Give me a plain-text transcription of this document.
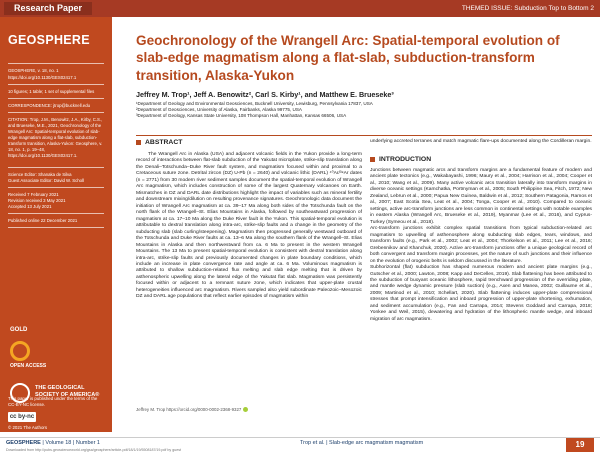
Research Paper	THEMED ISSUE: Subduction Top to Bottom 2
GEOSPHERE
GEOSPHERE, v. 18, no. 1
https://doi.org/10.1130/GES02417.1
10 figures; 1 table; 1 set of supplemental files
CORRESPONDENCE: jtrop@bucknell.edu
CITATION: Trop, J.M., Benowitz, J.A., Kirby, C.S., and Brueseke, M.E., 2021, Geochronology of the Wrangell Arc: Spatial-temporal evolution of slab-edge magmatism along a flat-slab, subduction-transform transition, Alaska-Yukon: Geosphere, v. 18, no. 1, p. 19–48, https://doi.org/10.1130/GES02417.1.
Science Editor: Shanaka de Silva
Guest Associate Editor: David W. Scholl
Received 7 February 2021
Revision received 3 May 2021
Accepted 13 July 2021
Published online 22 December 2021
GOLD
OPEN ACCESS
THE GEOLOGICAL SOCIETY OF AMERICA®
This paper is published under the terms of the CC-BY-NC license.
cc by-nc
© 2021 The Authors
Geochronology of the Wrangell Arc: Spatial-temporal evolution of slab-edge magmatism along a flat-slab, subduction-transform transition, Alaska-Yukon
Jeffrey M. Trop¹, Jeff A. Benowitz², Carl S. Kirby¹, and Matthew E. Brueseke³
¹Department of Geology and Environmental Geosciences, Bucknell University, Lewisburg, Pennsylvania 17837, USA
²Department of Geosciences, University of Alaska, Fairbanks, Alaska 99775, USA
³Department of Geology, Kansas State University, 108 Thompson Hall, Manhattan, Kansas 66506, USA
ABSTRACT

The Wrangell Arc in Alaska (USA) and adjacent volcanic fields in the Yukon provide a long-term record of interactions between flat-slab subduction of the Yakutat microplate, strike-slip translation along the Denali–Totschunda–Duke River fault system, and magmatism focused within and proximal to a Cretaceous suture zone. Detrital zircon (DZ) U-Pb (n = 2640) and volcanic lithic (DARL) ⁴⁰Ar/³⁹Ar dates (n = 2771) from 30 modern river sediment samples document the spatial-temporal evolution of Wrangell Arc magmatism, which includes construction of some of the largest Quaternary volcanoes on Earth. Mismatches in DZ and DARL date distributions highlight the impact of variables such as mineral fertility and downstream mixing/dilution on resulting provenance signatures. Geochronologic data document the initiation of Wrangell Arc magmatism at ca. 39–17 Ma along both sides of the Totschunda fault on the north flank of the Wrangell–St. Elias Mountains in Alaska, followed by southeastward progression of magmatism at ca. 17–10 Ma along the Duke River fault in the Yukon. This spatial-temporal evolution is attributable to dextral translation along intra-arc, strike-slip faults and a change in the geometry of the subducting slab (slab curling/steepening). Magmatism then progressed generally westward outboard of the Totschunda and Duke River faults at ca. 13–6 Ma along the southern flank of the Wrangell–St. Elias Mountains in Alaska and then northwestward from ca. 6 Ma to present in the western Wrangell Mountains. The 13 Ma to present spatial-temporal evolution is consistent with dextral translation along intra-arc, strike-slip faults and previously documented changes in plate boundary conditions, which include an increase in plate convergence rate and angle at ca. 6 Ma. Voluminous magmatism is attributed to shallow subduction-related flux melting and slab edge melting that is driven by asthenospheric upwelling along the lateral edge of the Yakutat flat slab. Magmatism was persistently focused within or adjacent to a remnant suture zone, which indicates that upper-plate crustal heterogeneities influenced arc magmatism. Rivers sampled also yield subordinate Paleozoic–Mesozoic DZ and DARL age populations that reflect earlier episodes of magmatism within

underlying accreted terranes and match magmatic flare-ups documented along the Cordilleran margin.

INTRODUCTION

Junctions between magmatic arcs and transform margins are a fundamental feature of modern and ancient plate tectonics (e.g., Wakabayashi, 1996; Maury et al., 2004; Harrison et al., 2004; Cooper et al., 2010; Wang et al., 2009). Many active volcanic arcs transition laterally into transform margins in diverse oceanic settings (Kamchatka, Portmyman et al., 2005; South Philippine Sea, Fitch, 1972; New Zealand, Lebrun et al., 2000; Papua New Guinea, Baldwin et al., 2012; Southern Patagonia, Ramos et al., 2007; East Scotia Sea, Leat et al., 2004; Tonga, Cooper et al., 2010). Compared to oceanic settings, active arc-transform junctions are less common in continental settings with notable examples in eastern Alaska (Wrangell Arc, Brueseke et al., 2019), Myanmar (Lee et al., 2016), and Cyprus-Turkey (Symeou et al., 2018).
Arc-transform junctions exhibit complex spatial transitions from typical subduction-related arc magmatism to upwelling of asthenosphere along subducting slab edges, tears, windows, and transform faults (e.g., Park et al., 2002; Leat et al., 2004; Thorkelson et al., 2011; Lee et al., 2016; Grebennikov and Khanchuk, 2020). Active arc-transform junctions offer a unique geological record of both convergent and transform margin processes, yet the nature of such junctions and their influence on the evolution of orogenic belts is seldom discussed in the literature.
Subhorizontal (flat) subduction has shaped numerous modern and ancient plate margins (e.g., Gutscher et al., 2000; Lawton, 2008; Kapp and DeCelles, 2019). Slab flattening has been attributed to the subduction of buoyant oceanic lithosphere, rapid trenchward progression of the overriding plate, and mantle wedge dynamic pressure (slab suction) (e.g., Axen and Manea, 2002; Guillaume et al., 2009; Martinod et al., 2010; Schellart, 2020). Slab flattening induces upper-plate compressional stresses that prompt intensification and inboard progression of upper-plate shortening, exhumation, and sediment accumulation (e.g., Fan and Carrapa, 2014; Stevens Goddard and Carrapa, 2018; Yonkee and Weil, 2015), dewatering and hydration of the lithospheric mantle wedge, and inboard migration of arc magmatism.

Jeffrey M. Trop https://orcid.org/0000-0002-2368-9327
GEOSPHERE | Volume 18 | Number 1	Trop et al. | Slab-edge arc magmatism magmatism	19
Downloaded from http://pubs.geoscienceworld.org/gsa/geosphere/article-pdf/18/1/19/5508187/19.pdf by guest
